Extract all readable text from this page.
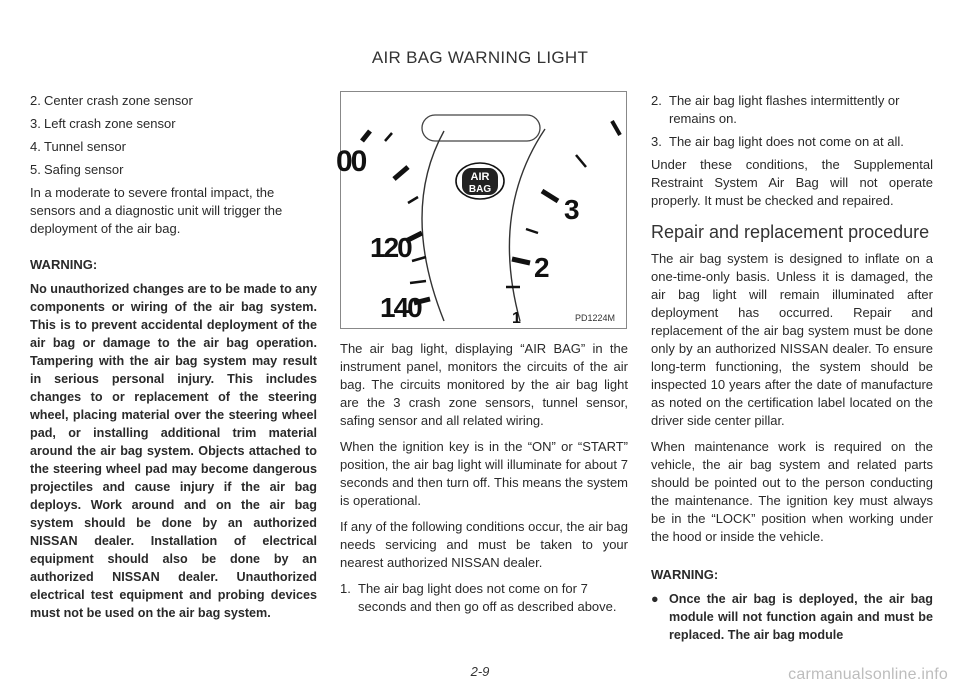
AIR BAG WARNING LIGHT
2. Center crash zone sensor
3. Left crash zone sensor
4. Tunnel sensor
5. Safing sensor

In a moderate to severe frontal impact, the sensors and a diagnostic unit will trigger the deployment of the air bag.

WARNING:

No unauthorized changes are to be made to any components or wiring of the air bag system. This is to prevent accidental deployment of the air bag or damage to the air bag operation. Tampering with the air bag system may result in serious personal injury. This includes changes to or replacement of the steering wheel, placing material over the steering wheel pad, or installing additional trim material around the air bag system. Objects attached to the steering wheel pad may become dangerous projectiles and cause injury if the air bag deploys. Work around and on the air bag system should be done by an authorized NISSAN dealer. Installation of electrical equipment should also be done by an authorized NISSAN dealer. Unauthorized electrical test equipment and probing devices must not be used on the air bag system.

00
120
140
3
2
1
AIR
BAG
PD1224M

The air bag light, displaying “AIR BAG” in the instrument panel, monitors the circuits of the air bag. The circuits monitored by the air bag light are the 3 crash zone sensors, tunnel sensor, safing sensor and all related wiring.

When the ignition key is in the “ON” or “START” position, the air bag light will illuminate for about 7 seconds and then turn off. This means the system is operational.

If any of the following conditions occur, the air bag needs servicing and must be taken to your nearest authorized NISSAN dealer.

1. The air bag light does not come on for 7 seconds and then go off as described above.
2. The air bag light flashes intermittently or remains on.
3. The air bag light does not come on at all.

Under these conditions, the Supplemental Restraint System Air Bag will not operate properly. It must be checked and repaired.

Repair and replacement procedure

The air bag system is designed to inflate on a one-time-only basis. Unless it is damaged, the air bag light will remain illuminated after deployment has occurred. Repair and replacement of the air bag system must be done only by an authorized NISSAN dealer. To ensure long-term functioning, the system should be inspected 10 years after the date of manufacture as noted on the certification label located on the driver side center pillar.

When maintenance work is required on the vehicle, the air bag system and related parts should be pointed out to the person conducting the maintenance. The ignition key must always be in the “LOCK” position when working under the hood or inside the vehicle.

WARNING:
● Once the air bag is deployed, the air bag module will not function again and must be replaced. The air bag module
2-9	carmanualsonline.info
